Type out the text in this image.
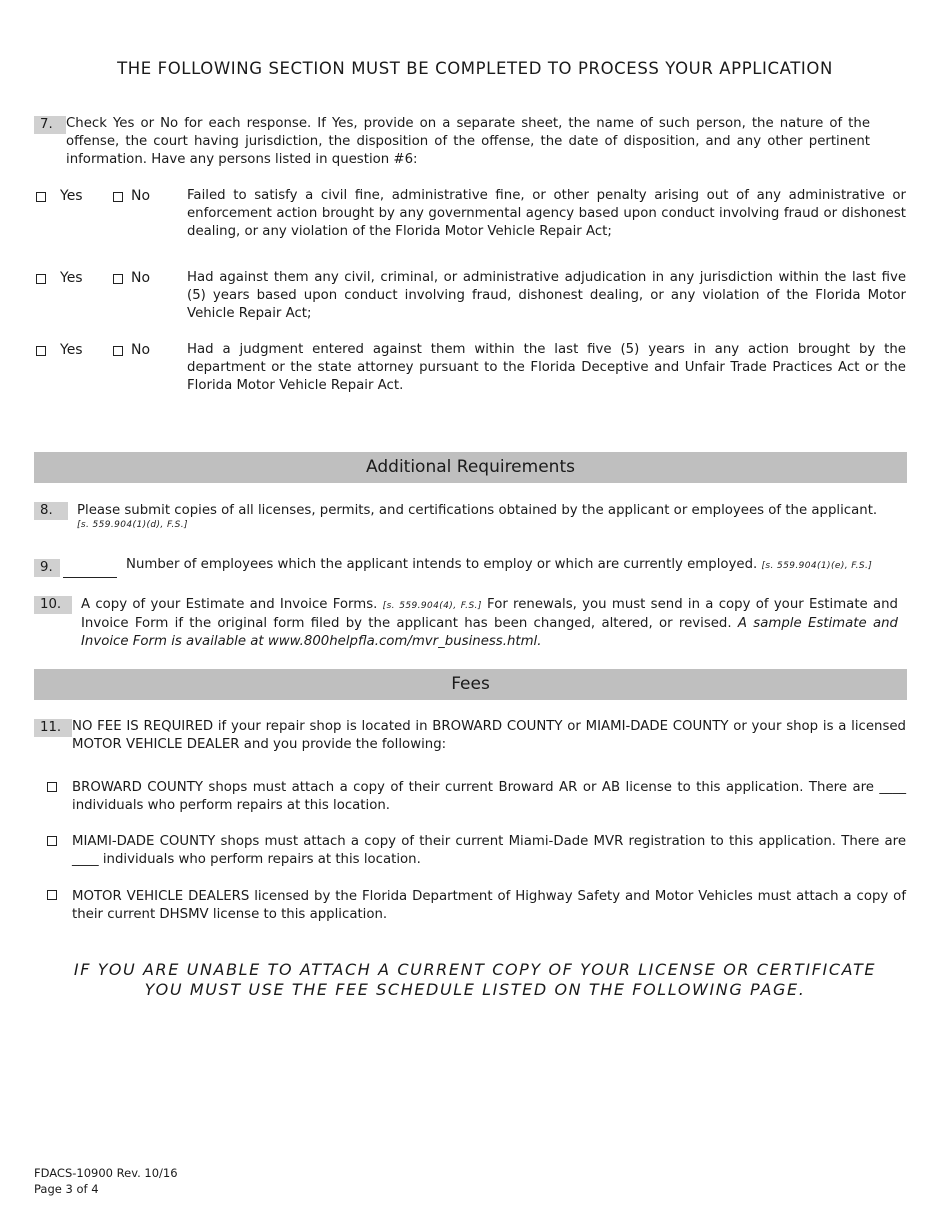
THE FOLLOWING SECTION MUST BE COMPLETED TO PROCESS YOUR APPLICATION
7.	Check Yes or No for each response. If Yes, provide on a separate sheet, the name of such person, the nature of the offense, the court having jurisdiction, the disposition of the offense, the date of disposition, and any other pertinent information. Have any persons listed in question #6:
Yes	No	Failed to satisfy a civil fine, administrative fine, or other penalty arising out of any administrative or enforcement action brought by any governmental agency based upon conduct involving fraud or dishonest dealing, or any violation of the Florida Motor Vehicle Repair Act;
Yes	No	Had against them any civil, criminal, or administrative adjudication in any jurisdiction within the last five (5) years based upon conduct involving fraud, dishonest dealing, or any violation of the Florida Motor Vehicle Repair Act;
Yes	No	Had a judgment entered against them within the last five (5) years in any action brought by the department or the state attorney pursuant to the Florida Deceptive and Unfair Trade Practices Act or the Florida Motor Vehicle Repair Act.
Additional Requirements
8.	Please submit copies of all licenses, permits, and certifications obtained by the applicant or employees of the applicant.
[s. 559.904(1)(d), F.S.]
9.	Number of employees which the applicant intends to employ or which are currently employed. [s. 559.904(1)(e), F.S.]
10.	A copy of your Estimate and Invoice Forms. [s. 559.904(4), F.S.] For renewals, you must send in a copy of your Estimate and Invoice Form if the original form filed by the applicant has been changed, altered, or revised. A sample Estimate and Invoice Form is available at www.800helpfla.com/mvr_business.html.
Fees
11. NO FEE IS REQUIRED if your repair shop is located in BROWARD COUNTY or MIAMI-DADE COUNTY or your shop is a licensed MOTOR VEHICLE DEALER and you provide the following:
BROWARD COUNTY shops must attach a copy of their current Broward AR or AB license to this application. There are ____ individuals who perform repairs at this location.
MIAMI-DADE COUNTY shops must attach a copy of their current Miami-Dade MVR registration to this application. There are ____ individuals who perform repairs at this location.
MOTOR VEHICLE DEALERS licensed by the Florida Department of Highway Safety and Motor Vehicles must attach a copy of their current DHSMV license to this application.
IF YOU ARE UNABLE TO ATTACH A CURRENT COPY OF YOUR LICENSE OR CERTIFICATE
YOU MUST USE THE FEE SCHEDULE LISTED ON THE FOLLOWING PAGE.
FDACS-10900 Rev. 10/16
Page 3 of 4
